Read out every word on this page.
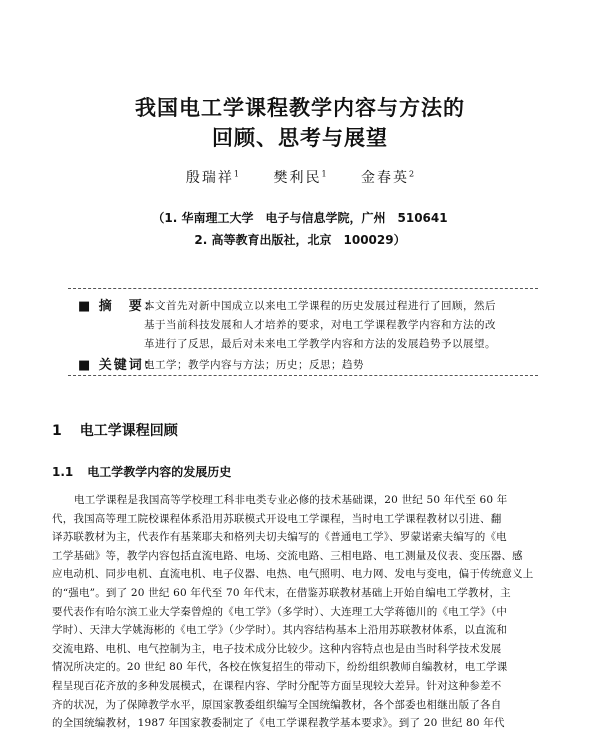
我国电工学课程教学内容与方法的
回顾、思考与展望
殷瑞祥$^1$ 樊利民$^1$ 金春英$^2$
（1. 华南理工大学　电子与信息学院，广州　510641
2. 高等教育出版社，北京　100029）
■ 摘　要：
本文首先对新中国成立以来电工学课程的历史发展过程进行了回顾，然后
基于当前科技发展和人才培养的要求，对电工学课程教学内容和方法的改
革进行了反思，最后对未来电工学教学内容和方法的发展趋势予以展望。
■ 关键词：
电工学；教学内容与方法；历史；反思；趋势
1 电工学课程回顾
1.1 电工学教学内容的发展历史
电工学课程是我国高等学校理工科非电类专业必修的技术基础课，20 世纪 50 年代至 60 年
代，我国高等理工院校课程体系沿用苏联模式开设电工学课程，当时电工学课程教材以引进、翻
译苏联教材为主，代表作有基莱耶夫和格列夫切夫编写的《普通电工学》、罗蒙诺索夫编写的《电
工学基础》等，教学内容包括直流电路、电场、交流电路、三相电路、电工测量及仪表、变压器、感
应电动机、同步电机、直流电机、电子仪器、电热、电气照明、电力网、发电与变电，偏于传统意义上
的“强电”。到了 20 世纪 60 年代至 70 年代末，在借鉴苏联教材基础上开始自编电工学教材，主
要代表作有哈尔滨工业大学秦曾煌的《电工学》（多学时）、大连理工大学蒋德川的《电工学》（中
学时）、天津大学姚海彬的《电工学》（少学时）。其内容结构基本上沿用苏联教材体系，以直流和
交流电路、电机、电气控制为主，电子技术成分比较少。这种内容特点也是由当时科学技术发展
情况所决定的。20 世纪 80 年代，各校在恢复招生的带动下，纷纷组织教师自编教材，电工学课
程呈现百花齐放的多种发展模式，在课程内容、学时分配等方面呈现较大差异。针对这种参差不
齐的状况，为了保障教学水平，原国家教委组织编写全国统编教材，各个部委也相继出版了各自
的全国统编教材，1987 年国家教委制定了《电工学课程教学基本要求》。到了 20 世纪 80 年代
